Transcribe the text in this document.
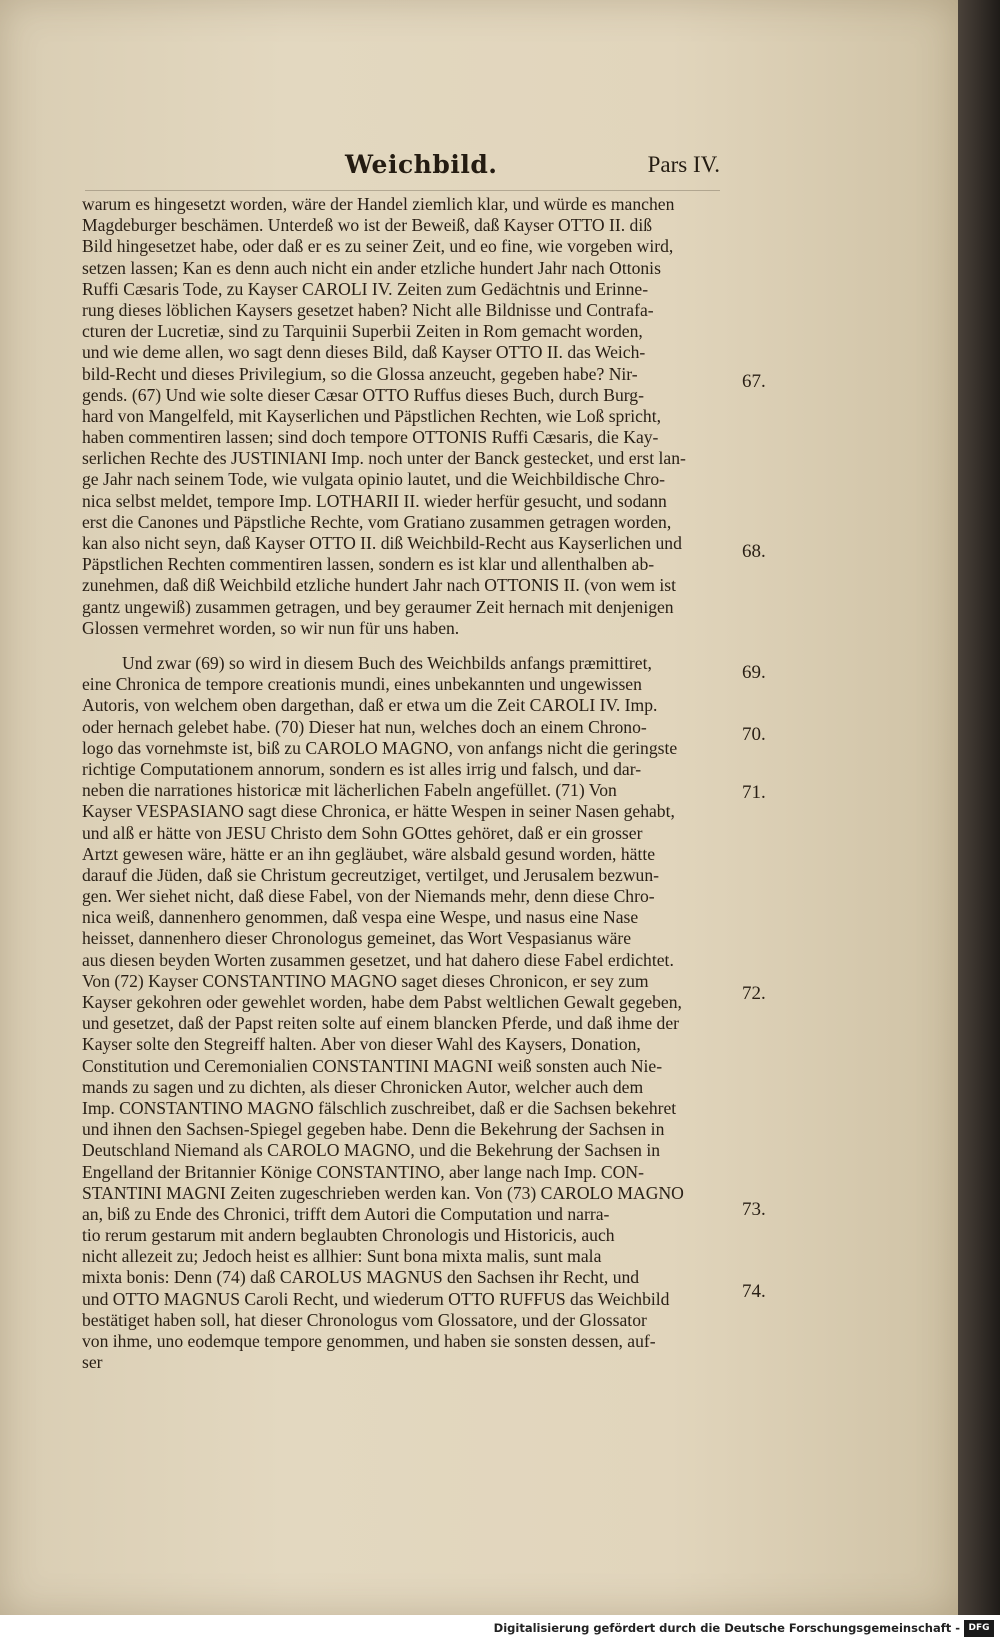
Weichbild.	Pars IV.
warum es hingesetzt worden, wäre der Handel ziemlich klar, und würde es manchen
Magdeburger beschämen. Unterdeß wo ist der Beweiß, daß Kayser OTTO II. diß
Bild hingesetzet habe, oder daß er es zu seiner Zeit, und eo fine, wie vorgeben wird,
setzen lassen; Kan es denn auch nicht ein ander etzliche hundert Jahr nach Ottonis
Ruffi Cæsaris Tode, zu Kayser CAROLI IV. Zeiten zum Gedächtnis und Erinne-
rung dieses löblichen Kaysers gesetzet haben? Nicht alle Bildnisse und Contrafa-
cturen der Lucretiæ, sind zu Tarquinii Superbii Zeiten in Rom gemacht worden,
und wie deme allen, wo sagt denn dieses Bild, daß Kayser OTTO II. das Weich-
bild-Recht und dieses Privilegium, so die Glossa anzeucht, gegeben habe? Nir-
gends. (67) Und wie solte dieser Cæsar OTTO Ruffus dieses Buch, durch Burg-
hard von Mangelfeld, mit Kayserlichen und Päpstlichen Rechten, wie Loß spricht,
haben commentiren lassen; sind doch tempore OTTONIS Ruffi Cæsaris, die Kay-
serlichen Rechte des JUSTINIANI Imp. noch unter der Banck gestecket, und erst lan-
ge Jahr nach seinem Tode, wie vulgata opinio lautet, und die Weichbildische Chro-
nica selbst meldet, tempore Imp. LOTHARII II. wieder herfür gesucht, und sodann
erst die Canones und Päpstliche Rechte, vom Gratiano zusammen getragen worden,
kan also nicht seyn, daß Kayser OTTO II. diß Weichbild-Recht aus Kayserlichen und
Päpstlichen Rechten commentiren lassen, sondern es ist klar und allenthalben ab-
zunehmen, daß diß Weichbild etzliche hundert Jahr nach OTTONIS II. (von wem ist
gantz ungewiß) zusammen getragen, und bey geraumer Zeit hernach mit denjenigen
Glossen vermehret worden, so wir nun für uns haben.
Und zwar (69) so wird in diesem Buch des Weichbilds anfangs præmittiret,
eine Chronica de tempore creationis mundi, eines unbekannten und ungewissen
Autoris, von welchem oben dargethan, daß er etwa um die Zeit CAROLI IV. Imp.
oder hernach gelebet habe. (70) Dieser hat nun, welches doch an einem Chrono-
logo das vornehmste ist, biß zu CAROLO MAGNO, von anfangs nicht die geringste
richtige Computationem annorum, sondern es ist alles irrig und falsch, und dar-
neben die narrationes historicæ mit lächerlichen Fabeln angefüllet. (71) Von
Kayser VESPASIANO sagt diese Chronica, er hätte Wespen in seiner Nasen gehabt,
und alß er hätte von JESU Christo dem Sohn GOttes gehöret, daß er ein grosser
Artzt gewesen wäre, hätte er an ihn gegläubet, wäre alsbald gesund worden, hätte
darauf die Jüden, daß sie Christum gecreutziget, vertilget, und Jerusalem bezwun-
gen. Wer siehet nicht, daß diese Fabel, von der Niemands mehr, denn diese Chro-
nica weiß, dannenhero genommen, daß vespa eine Wespe, und nasus eine Nase
heisset, dannenhero dieser Chronologus gemeinet, das Wort Vespasianus wäre
aus diesen beyden Worten zusammen gesetzet, und hat dahero diese Fabel erdichtet.
Von (72) Kayser CONSTANTINO MAGNO saget dieses Chronicon, er sey zum
Kayser gekohren oder gewehlet worden, habe dem Pabst weltlichen Gewalt gegeben,
und gesetzet, daß der Papst reiten solte auf einem blancken Pferde, und daß ihme der
Kayser solte den Stegreiff halten. Aber von dieser Wahl des Kaysers, Donation,
Constitution und Ceremonialien CONSTANTINI MAGNI weiß sonsten auch Nie-
mands zu sagen und zu dichten, als dieser Chronicken Autor, welcher auch dem
Imp. CONSTANTINO MAGNO fälschlich zuschreibet, daß er die Sachsen bekehret
und ihnen den Sachsen-Spiegel gegeben habe. Denn die Bekehrung der Sachsen in
Deutschland Niemand als CAROLO MAGNO, und die Bekehrung der Sachsen in
Engelland der Britannier Könige CONSTANTINO, aber lange nach Imp. CON-
STANTINI MAGNI Zeiten zugeschrieben werden kan. Von (73) CAROLO MAGNO
an, biß zu Ende des Chronici, trifft dem Autori die Computation und narra-
tio rerum gestarum mit andern beglaubten Chronologis und Historicis, auch
nicht allezeit zu; Jedoch heist es allhier: Sunt bona mixta malis, sunt mala
mixta bonis: Denn (74) daß CAROLUS MAGNUS den Sachsen ihr Recht, und
und OTTO MAGNUS Caroli Recht, und wiederum OTTO RUFFUS das Weichbild
bestätiget haben soll, hat dieser Chronologus vom Glossatore, und der Glossator
von ihme, uno eodemque tempore genommen, und haben sie sonsten dessen, auf-
ser
67.
68.
69.
70.
71.
72.
73.
74.
Digitalisierung gefördert durch die Deutsche Forschungsgemeinschaft - DFG
